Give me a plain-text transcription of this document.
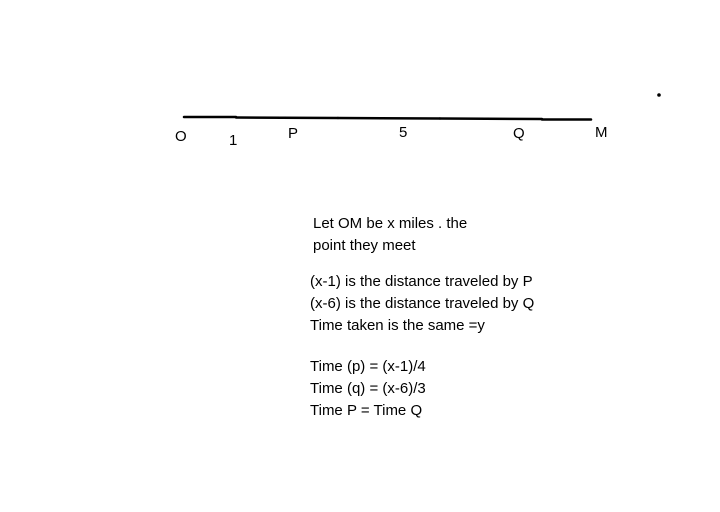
O	1	P	5	Q	M
Let OM be x miles . the
point they meet
(x-1) is the distance traveled by P
(x-6) is the distance traveled by Q
Time taken is the same =y
Time (p) = (x-1)/4
Time (q) = (x-6)/3
Time P = Time Q
